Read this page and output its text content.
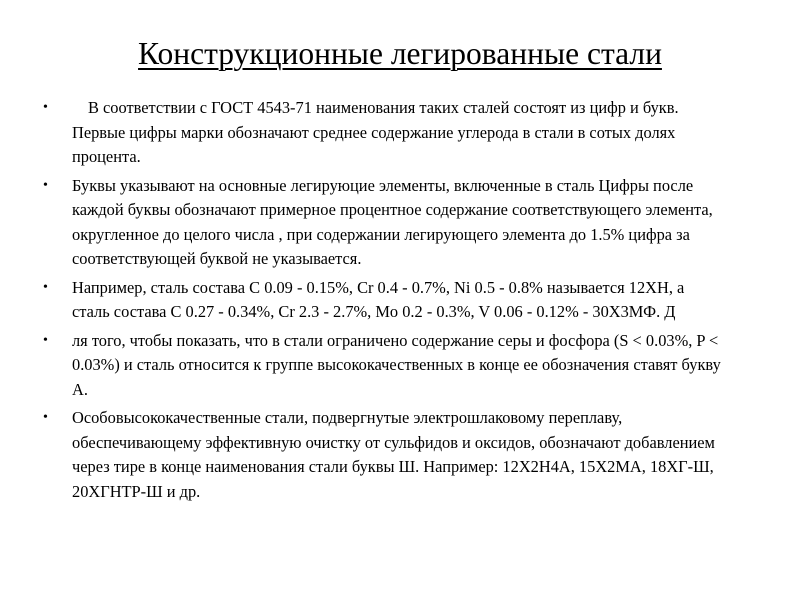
Конструкционные легированные стали
• В соответствии с ГОСТ 4543-71 наименования таких сталей состоят из цифр и букв. Первые цифры марки обозначают среднее содержание углерода в стали в сотых долях процента.
• Буквы указывают на основные легируюцие элементы, включенные в сталь Цифры после каждой буквы обозначают примерное процентное содержание соответствующего элемента, округленное до целого числа , при содержании легирующего элемента до 1.5% цифра за соответствующей буквой не указывается.
• Например, сталь состава С 0.09 - 0.15%, Cr 0.4 - 0.7%, Ni 0.5 - 0.8% называется 12ХН, а сталь состава С 0.27 - 0.34%, Cr 2.3 - 2.7%, Mo 0.2 - 0.3%, V 0.06 - 0.12% - 30Х3МФ. Д
• ля того, чтобы показать, что в стали ограничено содержание серы и фосфора (S < 0.03%, P < 0.03%) и сталь относится к группе высококачественных в конце ее обозначения ставят букву А.
• Особовысококачественные стали, подвергнутые электрошлаковому переплаву, обеспечивающему эффективную очистку от сульфидов и оксидов, обозначают добавлением через тире в конце наименования стали буквы Ш. Например: 12Х2Н4А, 15Х2МА, 18ХГ-Ш, 20ХГНТР-Ш и др.
